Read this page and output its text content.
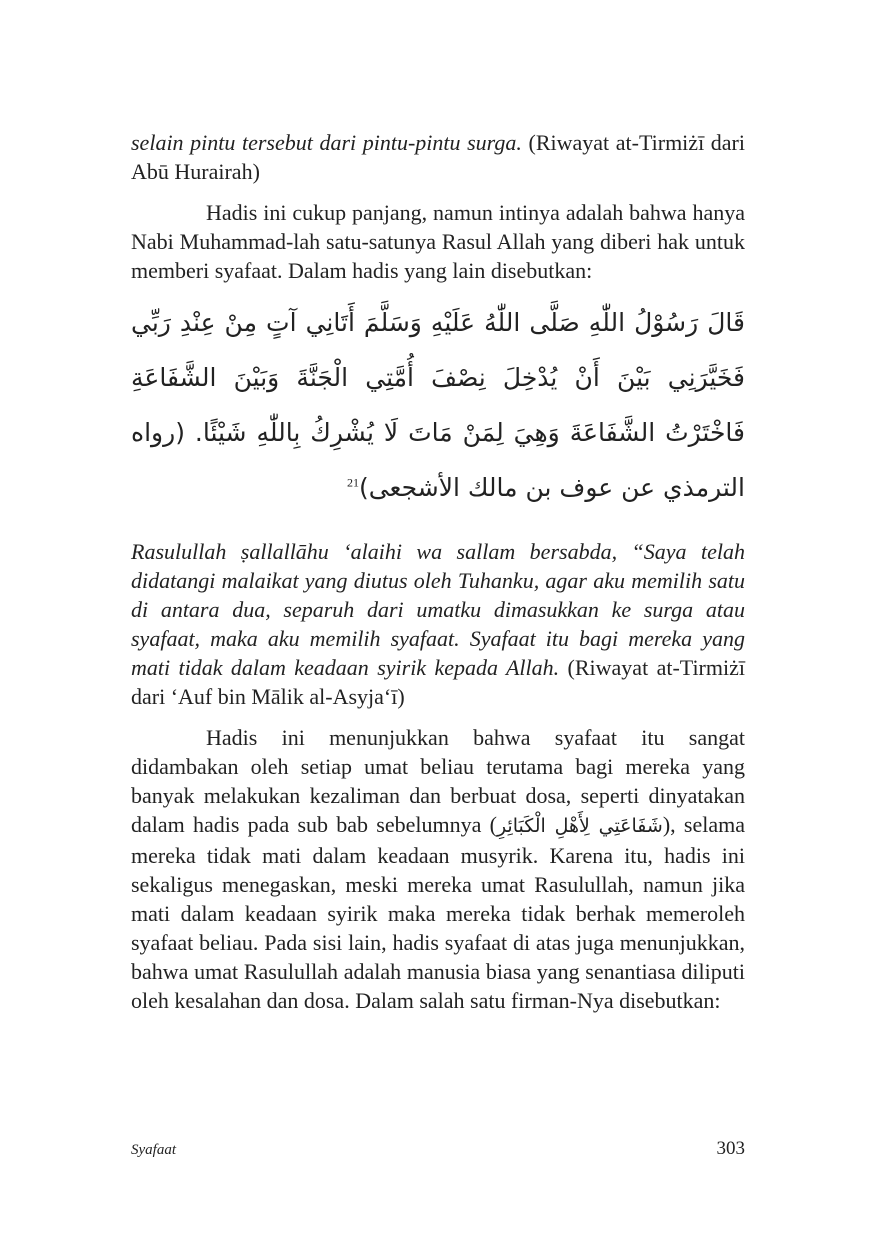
selain pintu tersebut dari pintu-pintu surga. (Riwayat at-Tirmiżī dari Abū Hurairah)

Hadis ini cukup panjang, namun intinya adalah bahwa hanya Nabi Muhammad-lah satu-satunya Rasul Allah yang diberi hak untuk memberi syafaat. Dalam hadis yang lain disebutkan:

قَالَ رَسُوْلُ اللّٰهِ صَلَّى اللّٰهُ عَلَيْهِ وَسَلَّمَ أَتَانِي آتٍ مِنْ عِنْدِ رَبِّي فَخَيَّرَنِي بَيْنَ أَنْ يُدْخِلَ نِصْفَ أُمَّتِي الْجَنَّةَ وَبَيْنَ الشَّفَاعَةِ فَاخْتَرْتُ الشَّفَاعَةَ وَهِيَ لِمَنْ مَاتَ لَا يُشْرِكُ بِاللّٰهِ شَيْئًا. (رواه الترمذي عن عوف بن مالك الأشجعى)$^{21}$

Rasulullah ṣallallāhu ‘alaihi wa sallam bersabda, “Saya telah didatangi malaikat yang diutus oleh Tuhanku, agar aku memilih satu di antara dua, separuh dari umatku dimasukkan ke surga atau syafaat, maka aku memilih syafaat. Syafaat itu bagi mereka yang mati tidak dalam keadaan syirik kepada Allah. (Riwayat at-Tirmiżī dari ‘Auf bin Mālik al-Asyja‘ī)

Hadis ini menunjukkan bahwa syafaat itu sangat didambakan oleh setiap umat beliau terutama bagi mereka yang banyak melakukan kezaliman dan berbuat dosa, seperti dinyatakan dalam hadis pada sub bab sebelumnya (شَفَاعَتِي لِأَهْلِ الْكَبَائِرِ), selama mereka tidak mati dalam keadaan musyrik. Karena itu, hadis ini sekaligus menegaskan, meski mereka umat Rasulullah, namun jika mati dalam keadaan syirik maka mereka tidak berhak memeroleh syafaat beliau. Pada sisi lain, hadis syafaat di atas juga menunjukkan, bahwa umat Rasulullah adalah manusia biasa yang senantiasa diliputi oleh kesalahan dan dosa. Dalam salah satu firman-Nya disebutkan:

Syafaat	303
